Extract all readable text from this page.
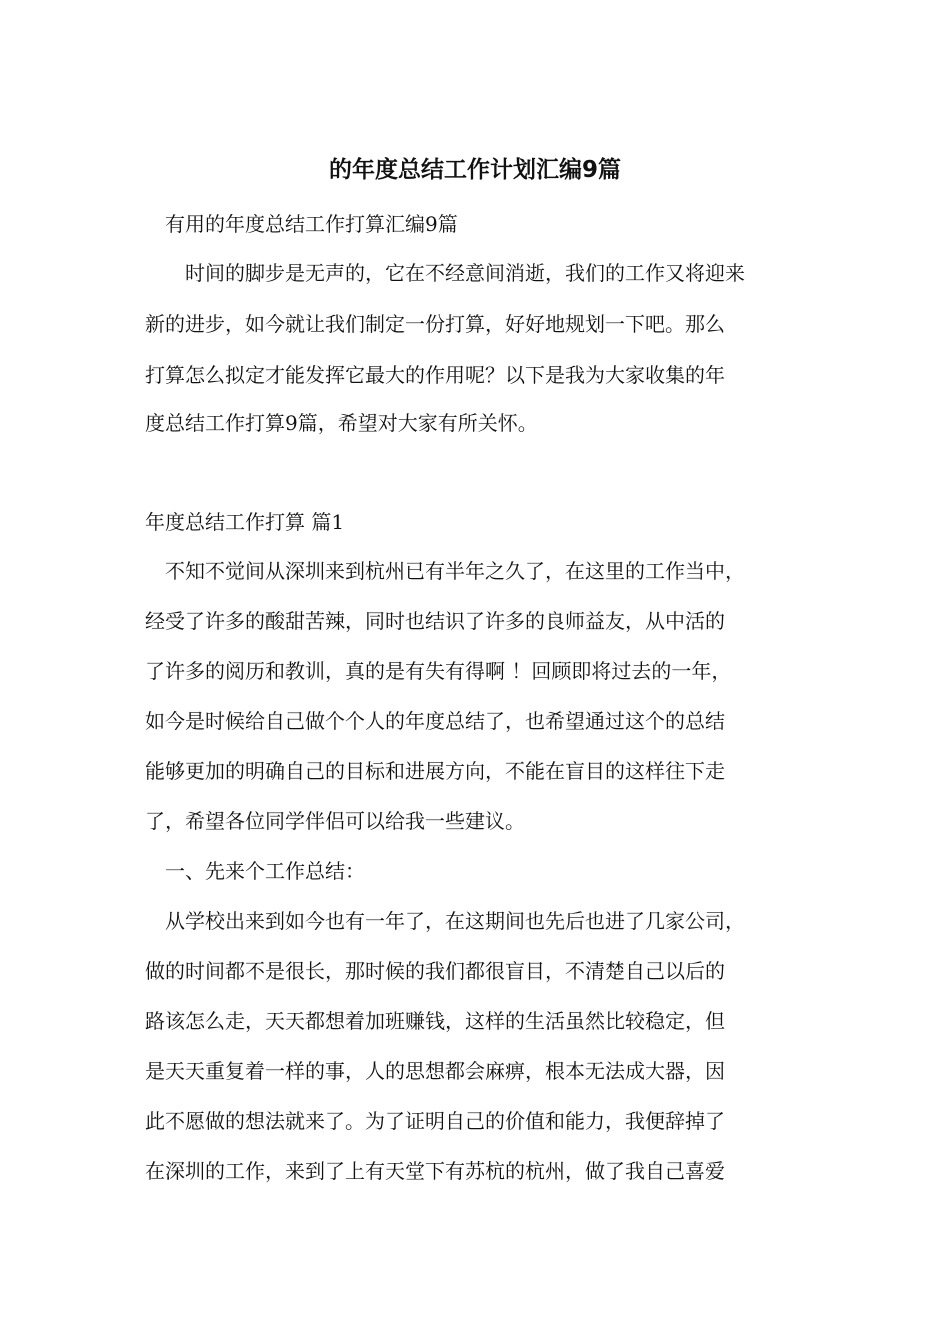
的年度总结工作计划汇编9篇
　有用的年度总结工作打算汇编9篇
　　时间的脚步是无声的，它在不经意间消逝，我们的工作又将迎来
新的进步，如今就让我们制定一份打算，好好地规划一下吧。那么
打算怎么拟定才能发挥它最大的作用呢？以下是我为大家收集的年
度总结工作打算9篇，希望对大家有所关怀。
年度总结工作打算 篇1
　不知不觉间从深圳来到杭州已有半年之久了，在这里的工作当中，
经受了许多的酸甜苦辣，同时也结识了许多的良师益友，从中活的
了许多的阅历和教训，真的是有失有得啊 ！回顾即将过去的一年，
如今是时候给自己做个个人的年度总结了，也希望通过这个的总结
能够更加的明确自己的目标和进展方向，不能在盲目的这样往下走
了，希望各位同学伴侣可以给我一些建议。
　一、先来个工作总结：
　从学校出来到如今也有一年了，在这期间也先后也进了几家公司，
做的时间都不是很长，那时候的我们都很盲目，不清楚自己以后的
路该怎么走，天天都想着加班赚钱，这样的生活虽然比较稳定，但
是天天重复着一样的事，人的思想都会麻痹，根本无法成大器，因
此不愿做的想法就来了。为了证明自己的价值和能力，我便辞掉了
在深圳的工作，来到了上有天堂下有苏杭的杭州，做了我自己喜爱
